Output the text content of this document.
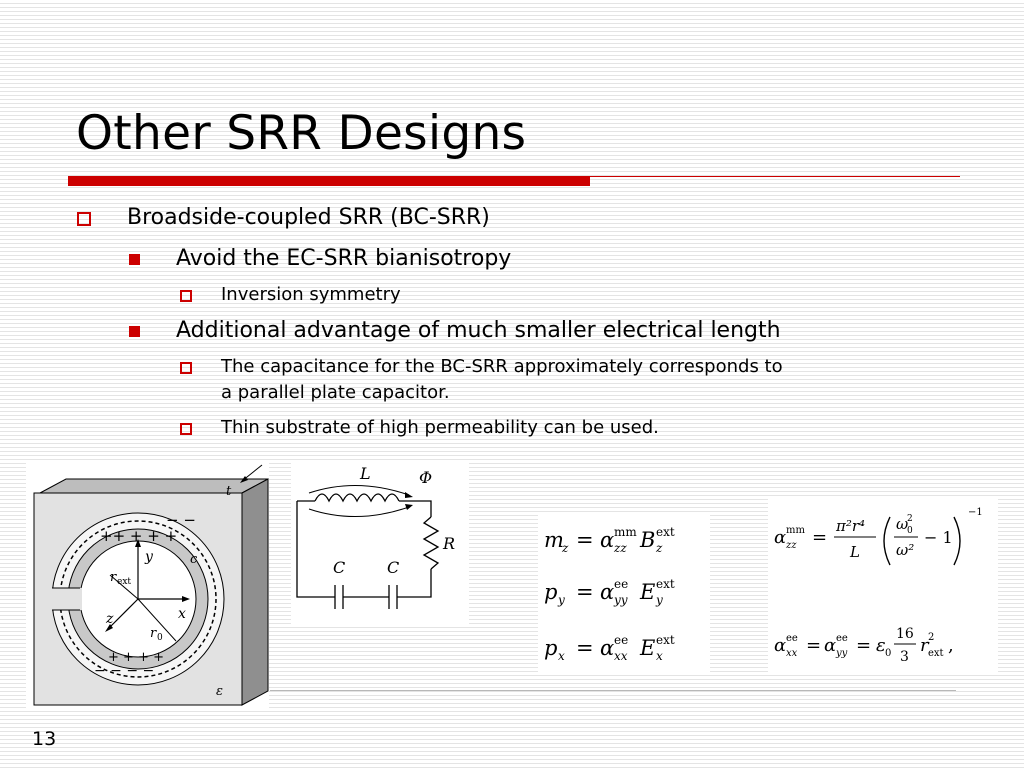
Other SRR Designs
Broadside-coupled SRR (BC-SRR)
Avoid the EC-SRR bianisotropy
Inversion symmetry
Additional advantage of much smaller electrical length
The capacitance for the BC-SRR approximately corresponds to
a parallel plate capacitor.
Thin substrate of high permeability can be used.
t
y	c
r ext
z	x
r 0
ε
++ + + +
− −
+ + + +
− − − −
L	Φ
R
C	C
m
z = α mm
zz B ext
z
p y = α ee
yy E ext
y
p x = α ee
xx E ext
x
α mm
zz =
π²r⁴
L
ω
0
2
ω²
− 1
−1
α ee
xx = α ee
yy = ε 0
16
3
r 2
ext ,
13
